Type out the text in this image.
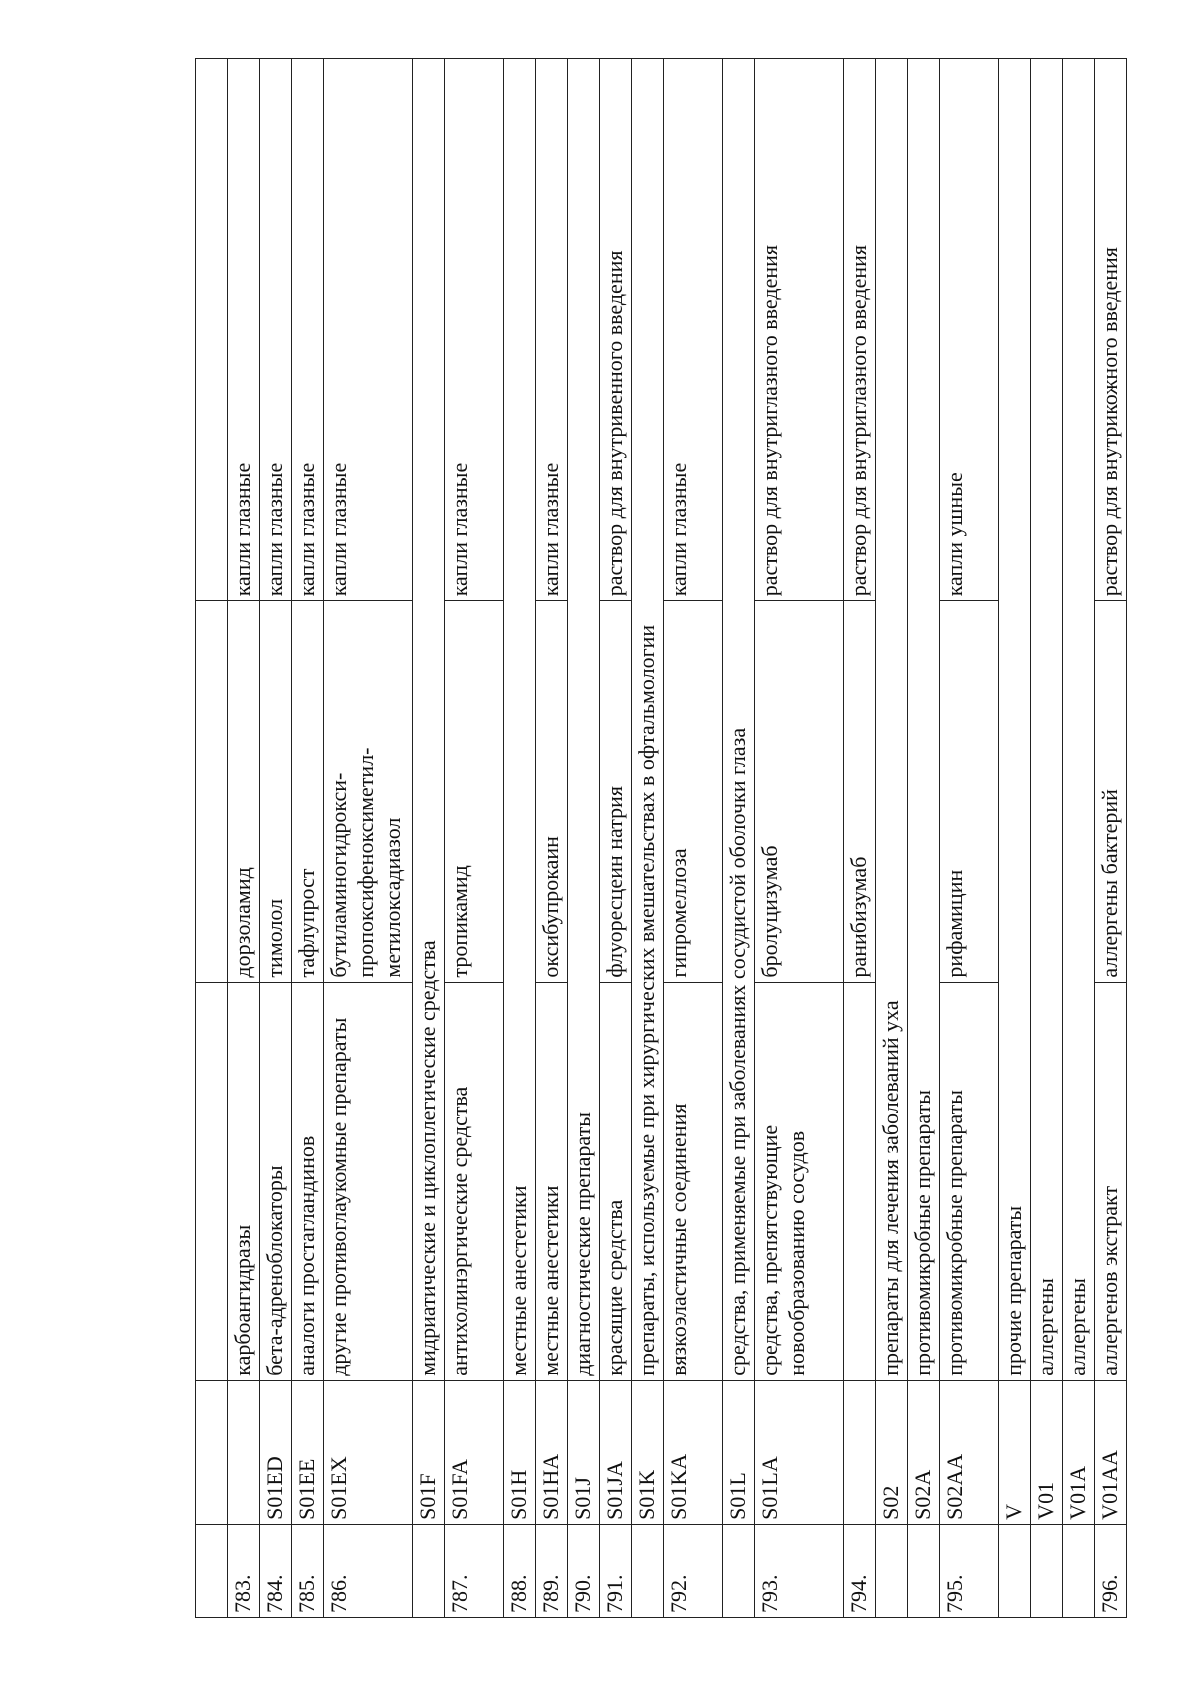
783.		карбоангидразы	дорзоламид	капли глазные
784.	S01ED	бета-адреноблокаторы	тимолол	капли глазные
785.	S01EE	аналоги простагландинов	тафлупрост	капли глазные
786.	S01EX	другие противоглаукомные препараты	бутиламиногидрокси-пропоксифеноксиметил-метилоксадиазол	капли глазные
	S01F	мидриатические и циклоплегические средства		
787.	S01FA	антихолинэргические средства	тропикамид	капли глазные
788.	S01H	местные анестетики		
789.	S01HA	местные анестетики	оксибупрокаин	капли глазные
790.	S01J	диагностические препараты		
791.	S01JA	красящие средства	флуоресцеин натрия	раствор для внутривенного введения
	S01K	препараты, используемые при хирургических вмешательствах в офтальмологии		
792.	S01KA	вязкоэластичные соединения	гипромеллоза	капли глазные
	S01L	средства, применяемые при заболеваниях сосудистой оболочки глаза		
793.	S01LA	средства, препятствующие новообразованию сосудов	бролуцизумаб	раствор для внутриглазного введения
794.			ранибизумаб	раствор для внутриглазного введения
	S02	препараты для лечения заболеваний уха		
	S02A	противомикробные препараты		
795.	S02AA	противомикробные препараты	рифамицин	капли ушные
	V	прочие препараты		
	V01	аллергены		
	V01A	аллергены		
796.	V01AA	аллергенов экстракт	аллергены бактерий	раствор для внутрикожного введения
